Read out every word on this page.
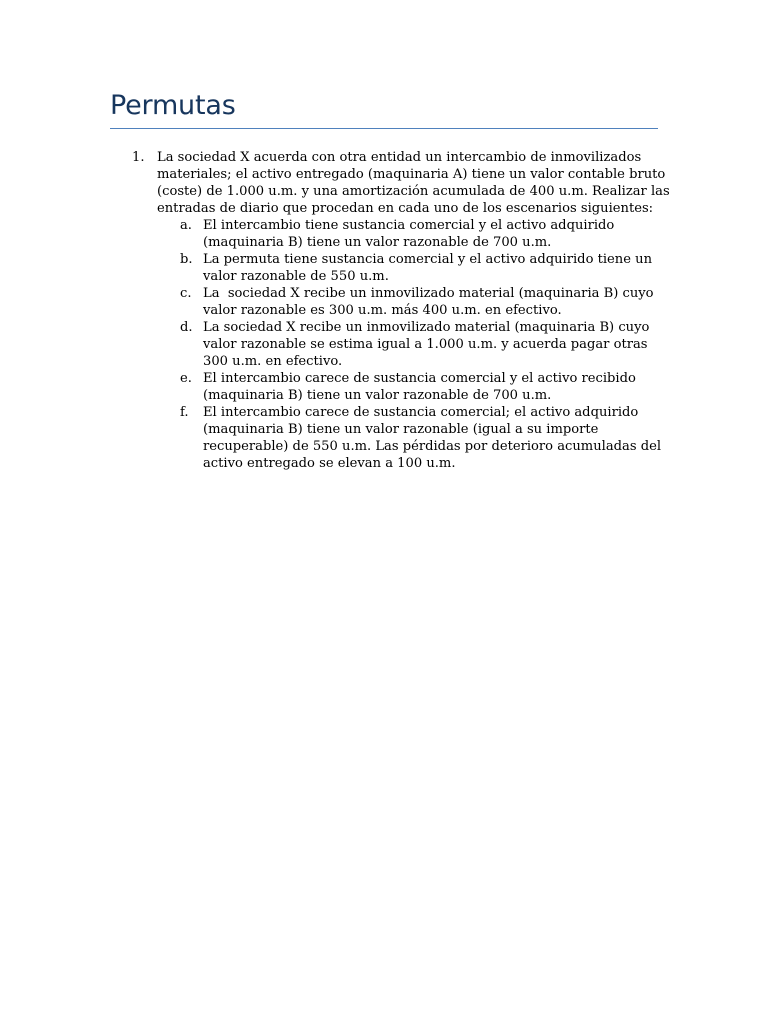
Permutas
1. La sociedad X acuerda con otra entidad un intercambio de inmovilizados materiales; el activo entregado (maquinaria A) tiene un valor contable bruto (coste) de 1.000 u.m. y una amortización acumulada de 400 u.m. Realizar las entradas de diario que procedan en cada uno de los escenarios siguientes:
a. El intercambio tiene sustancia comercial y el activo adquirido (maquinaria B) tiene un valor razonable de 700 u.m.
b. La permuta tiene sustancia comercial y el activo adquirido tiene un valor razonable de 550 u.m.
c. La  sociedad X recibe un inmovilizado material (maquinaria B) cuyo valor razonable es 300 u.m. más 400 u.m. en efectivo.
d. La sociedad X recibe un inmovilizado material (maquinaria B) cuyo valor razonable se estima igual a 1.000 u.m. y acuerda pagar otras 300 u.m. en efectivo.
e. El intercambio carece de sustancia comercial y el activo recibido (maquinaria B) tiene un valor razonable de 700 u.m.
f. El intercambio carece de sustancia comercial; el activo adquirido (maquinaria B) tiene un valor razonable (igual a su importe recuperable) de 550 u.m. Las pérdidas por deterioro acumuladas del activo entregado se elevan a 100 u.m.
